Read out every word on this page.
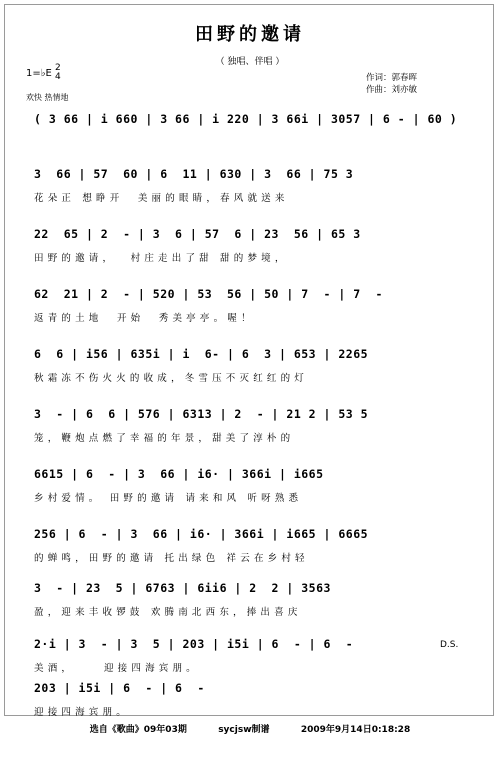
田野的邀请
（ 独唱、伴唱 ）
1=♭E 2
4
欢快 热情地
作词：郭春晖
作曲：刘亦敏
( 3 66 | i 660 | 3 66 | i 220 | 3 66i | 3057 | 6 - | 60 )
3  66 | 57  60 | 6  11 | 630 | 3  66 | 75 3
花朵正 想睁开  美丽的眼睛，春风就送来
22  65 | 2  - | 3  6 | 57  6 | 23  56 | 65 3
田野的邀请，  村庄走出了甜 甜的梦境，
62  21 | 2  - | 520 | 53  56 | 50 | 7  - | 7  -
返青的土地  开始  秀美亭亭。喔！
6  6 | i56 | 635i | i  6- | 6  3 | 653 | 2265
秋霜冻不伤火火的收成，冬雪压不灭红红的灯
3  - | 6  6 | 576 | 6313 | 2  - | 21 2 | 53 5
笼，鞭炮点燃了幸福的年景，甜美了淳朴的
6615 | 6  - | 3  66 | i6· | 366i | i665
乡村爱情。 田野的邀请 请来和风 听呀熟悉
256 | 6  - | 3  66 | i6· | 366i | i665 | 6665
的蝉鸣，田野的邀请 托出绿色 祥云在乡村轻
3  - | 23  5 | 6763 | 6ii6 | 2  2 | 3563
盈，迎来丰收锣鼓 欢腾南北西东，捧出喜庆
2·i | 3  - | 3  5 | 203 | i5i | 6  - | 6  -
美酒，    迎接四海宾朋。
D.S.
203 | i5i | 6  - | 6  -
迎接四海宾朋。
选自《歌曲》09年03期	sycjsw制谱	2009年9月14日0:18:28
